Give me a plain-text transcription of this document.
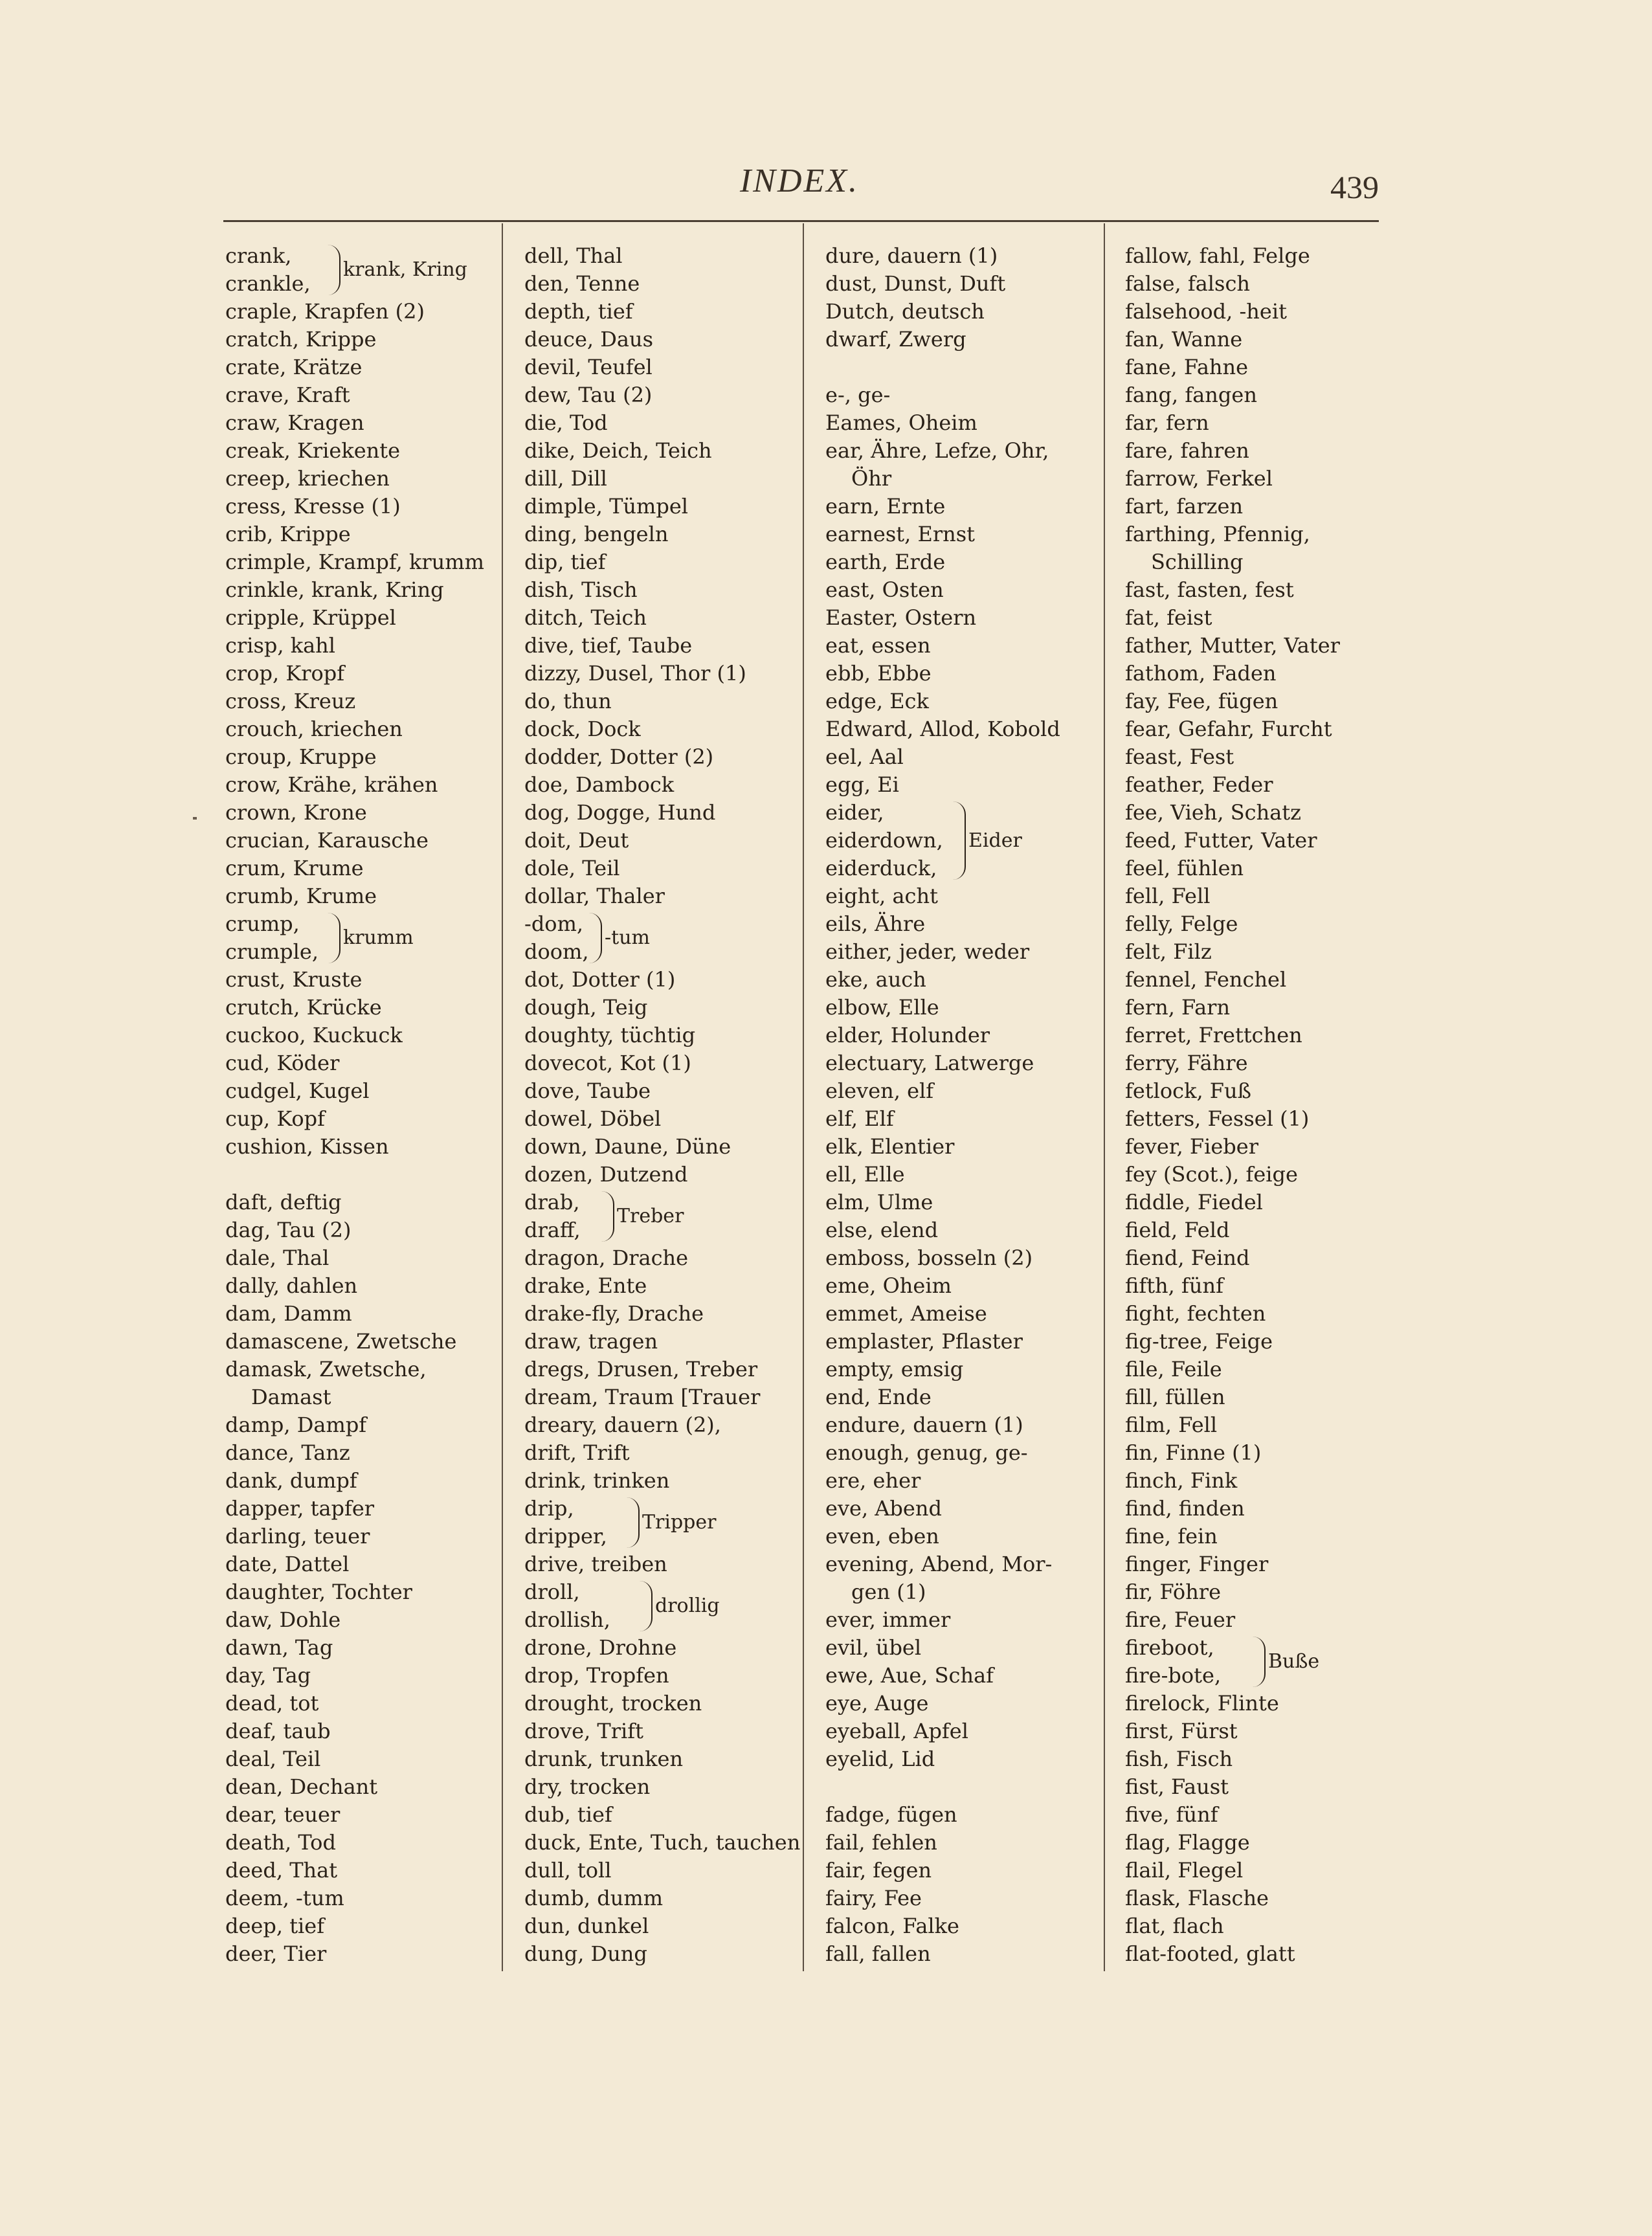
INDEX.	439
crank,
crankle,
krank, Kring
craple, Krapfen (2)
cratch, Krippe
crate, Krätze
crave, Kraft
craw, Kragen
creak, Kriekente
creep, kriechen
cress, Kresse (1)
crib, Krippe
crimple, Krampf, krumm
crinkle, krank, Kring
cripple, Krüppel
crisp, kahl
crop, Kropf
cross, Kreuz
crouch, kriechen
croup, Kruppe
crow, Krähe, krähen
crown, Krone
crucian, Karausche
crum, Krume
crumb, Krume
crump,
crumple,
krumm
crust, Kruste
crutch, Krücke
cuckoo, Kuckuck
cud, Köder
cudgel, Kugel
cup, Kopf
cushion, Kissen
daft, deftig
dag, Tau (2)
dale, Thal
dally, dahlen
dam, Damm
damascene, Zwetsche
damask, Zwetsche,
Damast
damp, Dampf
dance, Tanz
dank, dumpf
dapper, tapfer
darling, teuer
date, Dattel
daughter, Tochter
daw, Dohle
dawn, Tag
day, Tag
dead, tot
deaf, taub
deal, Teil
dean, Dechant
dear, teuer
death, Tod
deed, That
deem, -tum
deep, tief
deer, Tier
dell, Thal
den, Tenne
depth, tief
deuce, Daus
devil, Teufel
dew, Tau (2)
die, Tod
dike, Deich, Teich
dill, Dill
dimple, Tümpel
ding, bengeln
dip, tief
dish, Tisch
ditch, Teich
dive, tief, Taube
dizzy, Dusel, Thor (1)
do, thun
dock, Dock
dodder, Dotter (2)
doe, Dambock
dog, Dogge, Hund
doit, Deut
dole, Teil
dollar, Thaler
-dom,
doom,
-tum
dot, Dotter (1)
dough, Teig
doughty, tüchtig
dovecot, Kot (1)
dove, Taube
dowel, Döbel
down, Daune, Düne
dozen, Dutzend
drab,
draff,
Treber
dragon, Drache
drake, Ente
drake-fly, Drache
draw, tragen
dregs, Drusen, Treber
dream, Traum [Trauer
dreary, dauern (2),
drift, Trift
drink, trinken
drip,
dripper,
Tripper
drive, treiben
droll,
drollish,
drollig
drone, Drohne
drop, Tropfen
drought, trocken
drove, Trift
drunk, trunken
dry, trocken
dub, tief
duck, Ente, Tuch, tauchen
dull, toll
dumb, dumm
dun, dunkel
dung, Dung
dure, dauern (1)
dust, Dunst, Duft
Dutch, deutsch
dwarf, Zwerg
e-, ge-
Eames, Oheim
ear, Ähre, Lefze, Ohr,
Öhr
earn, Ernte
earnest, Ernst
earth, Erde
east, Osten
Easter, Ostern
eat, essen
ebb, Ebbe
edge, Eck
Edward, Allod, Kobold
eel, Aal
egg, Ei
eider,
eiderdown,
eiderduck,
Eider
eight, acht
eils, Ähre
either, jeder, weder
eke, auch
elbow, Elle
elder, Holunder
electuary, Latwerge
eleven, elf
elf, Elf
elk, Elentier
ell, Elle
elm, Ulme
else, elend
emboss, bosseln (2)
eme, Oheim
emmet, Ameise
emplaster, Pflaster
empty, emsig
end, Ende
endure, dauern (1)
enough, genug, ge-
ere, eher
eve, Abend
even, eben
evening, Abend, Mor-
gen (1)
ever, immer
evil, übel
ewe, Aue, Schaf
eye, Auge
eyeball, Apfel
eyelid, Lid
fadge, fügen
fail, fehlen
fair, fegen
fairy, Fee
falcon, Falke
fall, fallen
fallow, fahl, Felge
false, falsch
falsehood, -heit
fan, Wanne
fane, Fahne
fang, fangen
far, fern
fare, fahren
farrow, Ferkel
fart, farzen
farthing, Pfennig,
Schilling
fast, fasten, fest
fat, feist
father, Mutter, Vater
fathom, Faden
fay, Fee, fügen
fear, Gefahr, Furcht
feast, Fest
feather, Feder
fee, Vieh, Schatz
feed, Futter, Vater
feel, fühlen
fell, Fell
felly, Felge
felt, Filz
fennel, Fenchel
fern, Farn
ferret, Frettchen
ferry, Fähre
fetlock, Fuß
fetters, Fessel (1)
fever, Fieber
fey (Scot.), feige
fiddle, Fiedel
field, Feld
fiend, Feind
fifth, fünf
fight, fechten
fig-tree, Feige
file, Feile
fill, füllen
film, Fell
fin, Finne (1)
finch, Fink
find, finden
fine, fein
finger, Finger
fir, Föhre
fire, Feuer
fireboot,
fire-bote,
Buße
firelock, Flinte
first, Fürst
fish, Fisch
fist, Faust
five, fünf
flag, Flagge
flail, Flegel
flask, Flasche
flat, flach
flat-footed, glatt
